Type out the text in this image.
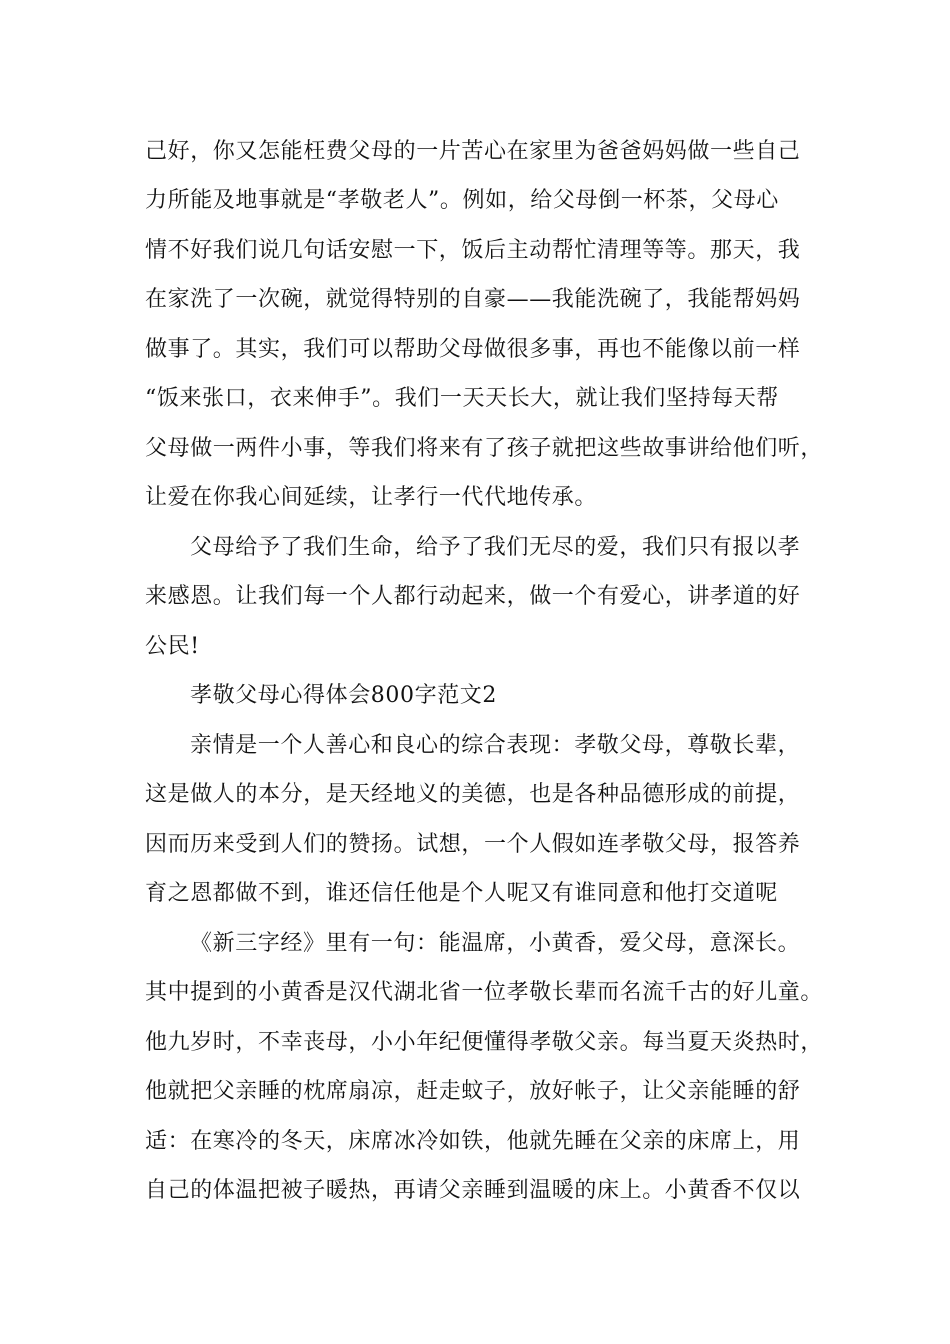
己好，你又怎能枉费父母的一片苦心在家里为爸爸妈妈做一些自己
力所能及地事就是“孝敬老人”。例如，给父母倒一杯茶，父母心
情不好我们说几句话安慰一下，饭后主动帮忙清理等等。那天，我
在家洗了一次碗，就觉得特别的自豪——我能洗碗了，我能帮妈妈
做事了。其实，我们可以帮助父母做很多事，再也不能像以前一样
“饭来张口，衣来伸手”。我们一天天长大，就让我们坚持每天帮
父母做一两件小事，等我们将来有了孩子就把这些故事讲给他们听，
让爱在你我心间延续，让孝行一代代地传承。
父母给予了我们生命，给予了我们无尽的爱，我们只有报以孝
来感恩。让我们每一个人都行动起来，做一个有爱心，讲孝道的好
公民!
孝敬父母心得体会800字范文2
亲情是一个人善心和良心的综合表现：孝敬父母，尊敬长辈，
这是做人的本分，是天经地义的美德，也是各种品德形成的前提，
因而历来受到人们的赞扬。试想，一个人假如连孝敬父母，报答养
育之恩都做不到，谁还信任他是个人呢又有谁同意和他打交道呢
《新三字经》里有一句：能温席，小黄香，爱父母，意深长。
其中提到的小黄香是汉代湖北省一位孝敬长辈而名流千古的好儿童。
他九岁时，不幸丧母，小小年纪便懂得孝敬父亲。每当夏天炎热时，
他就把父亲睡的枕席扇凉，赶走蚊子，放好帐子，让父亲能睡的舒
适：在寒冷的冬天，床席冰冷如铁，他就先睡在父亲的床席上，用
自己的体温把被子暖热，再请父亲睡到温暖的床上。小黄香不仅以
